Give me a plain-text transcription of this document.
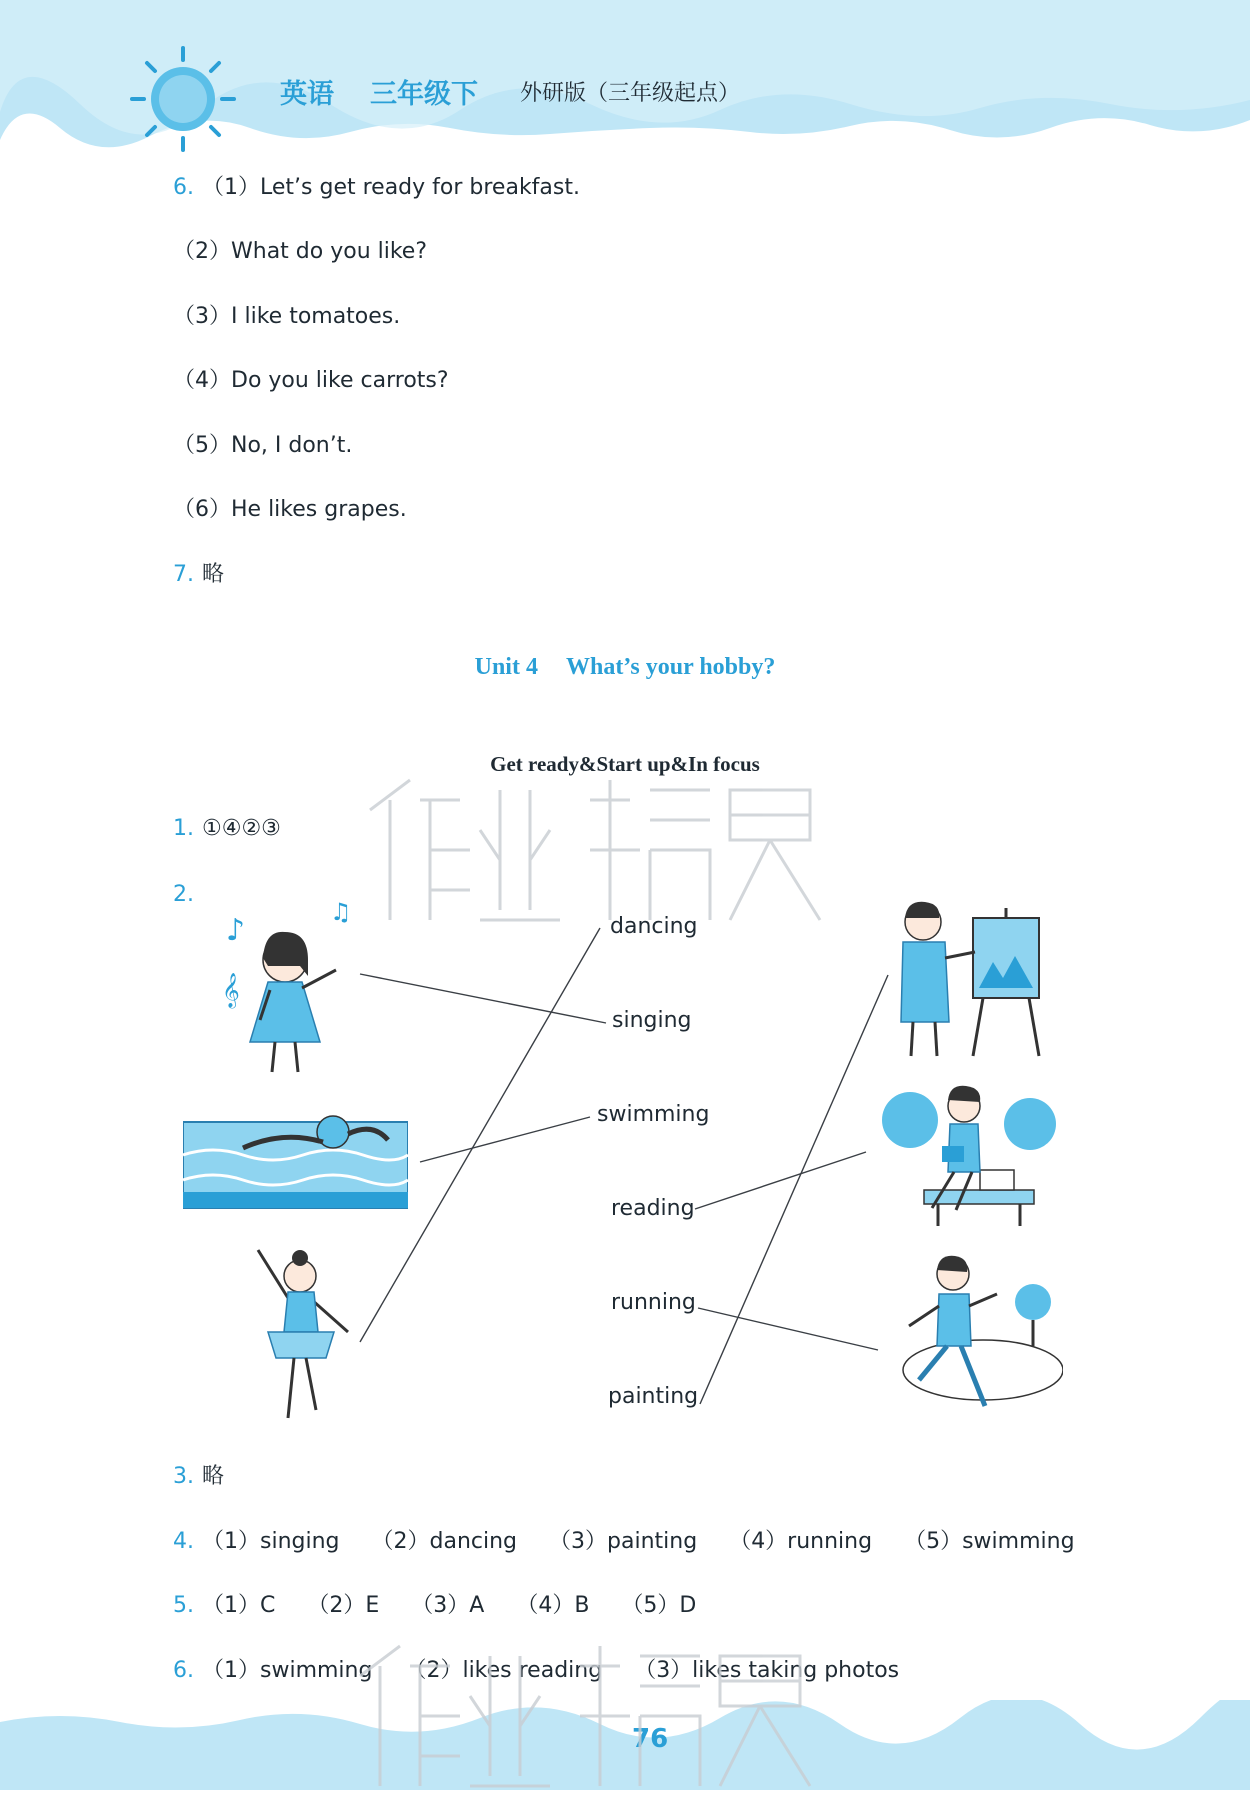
英语 三年级下 外研版（三年级起点）
6. （1）Let’s get ready for breakfast.
（2）What do you like?
（3）I like tomatoes.
（4）Do you like carrots?
（5）No, I don’t.
（6）He likes grapes.
7. 略
Unit 4 What’s your hobby?
Get ready&Start up&In focus
1. ①④②③
2.
dancing
singing
swimming
reading
running
painting
♪
𝄞
♫
3. 略
4. （1）singing （2）dancing （3）painting （4）running （5）swimming
5. （1）C （2）E （3）A （4）B （5）D
6. （1）swimming （2）likes reading （3）likes taking photos
76
